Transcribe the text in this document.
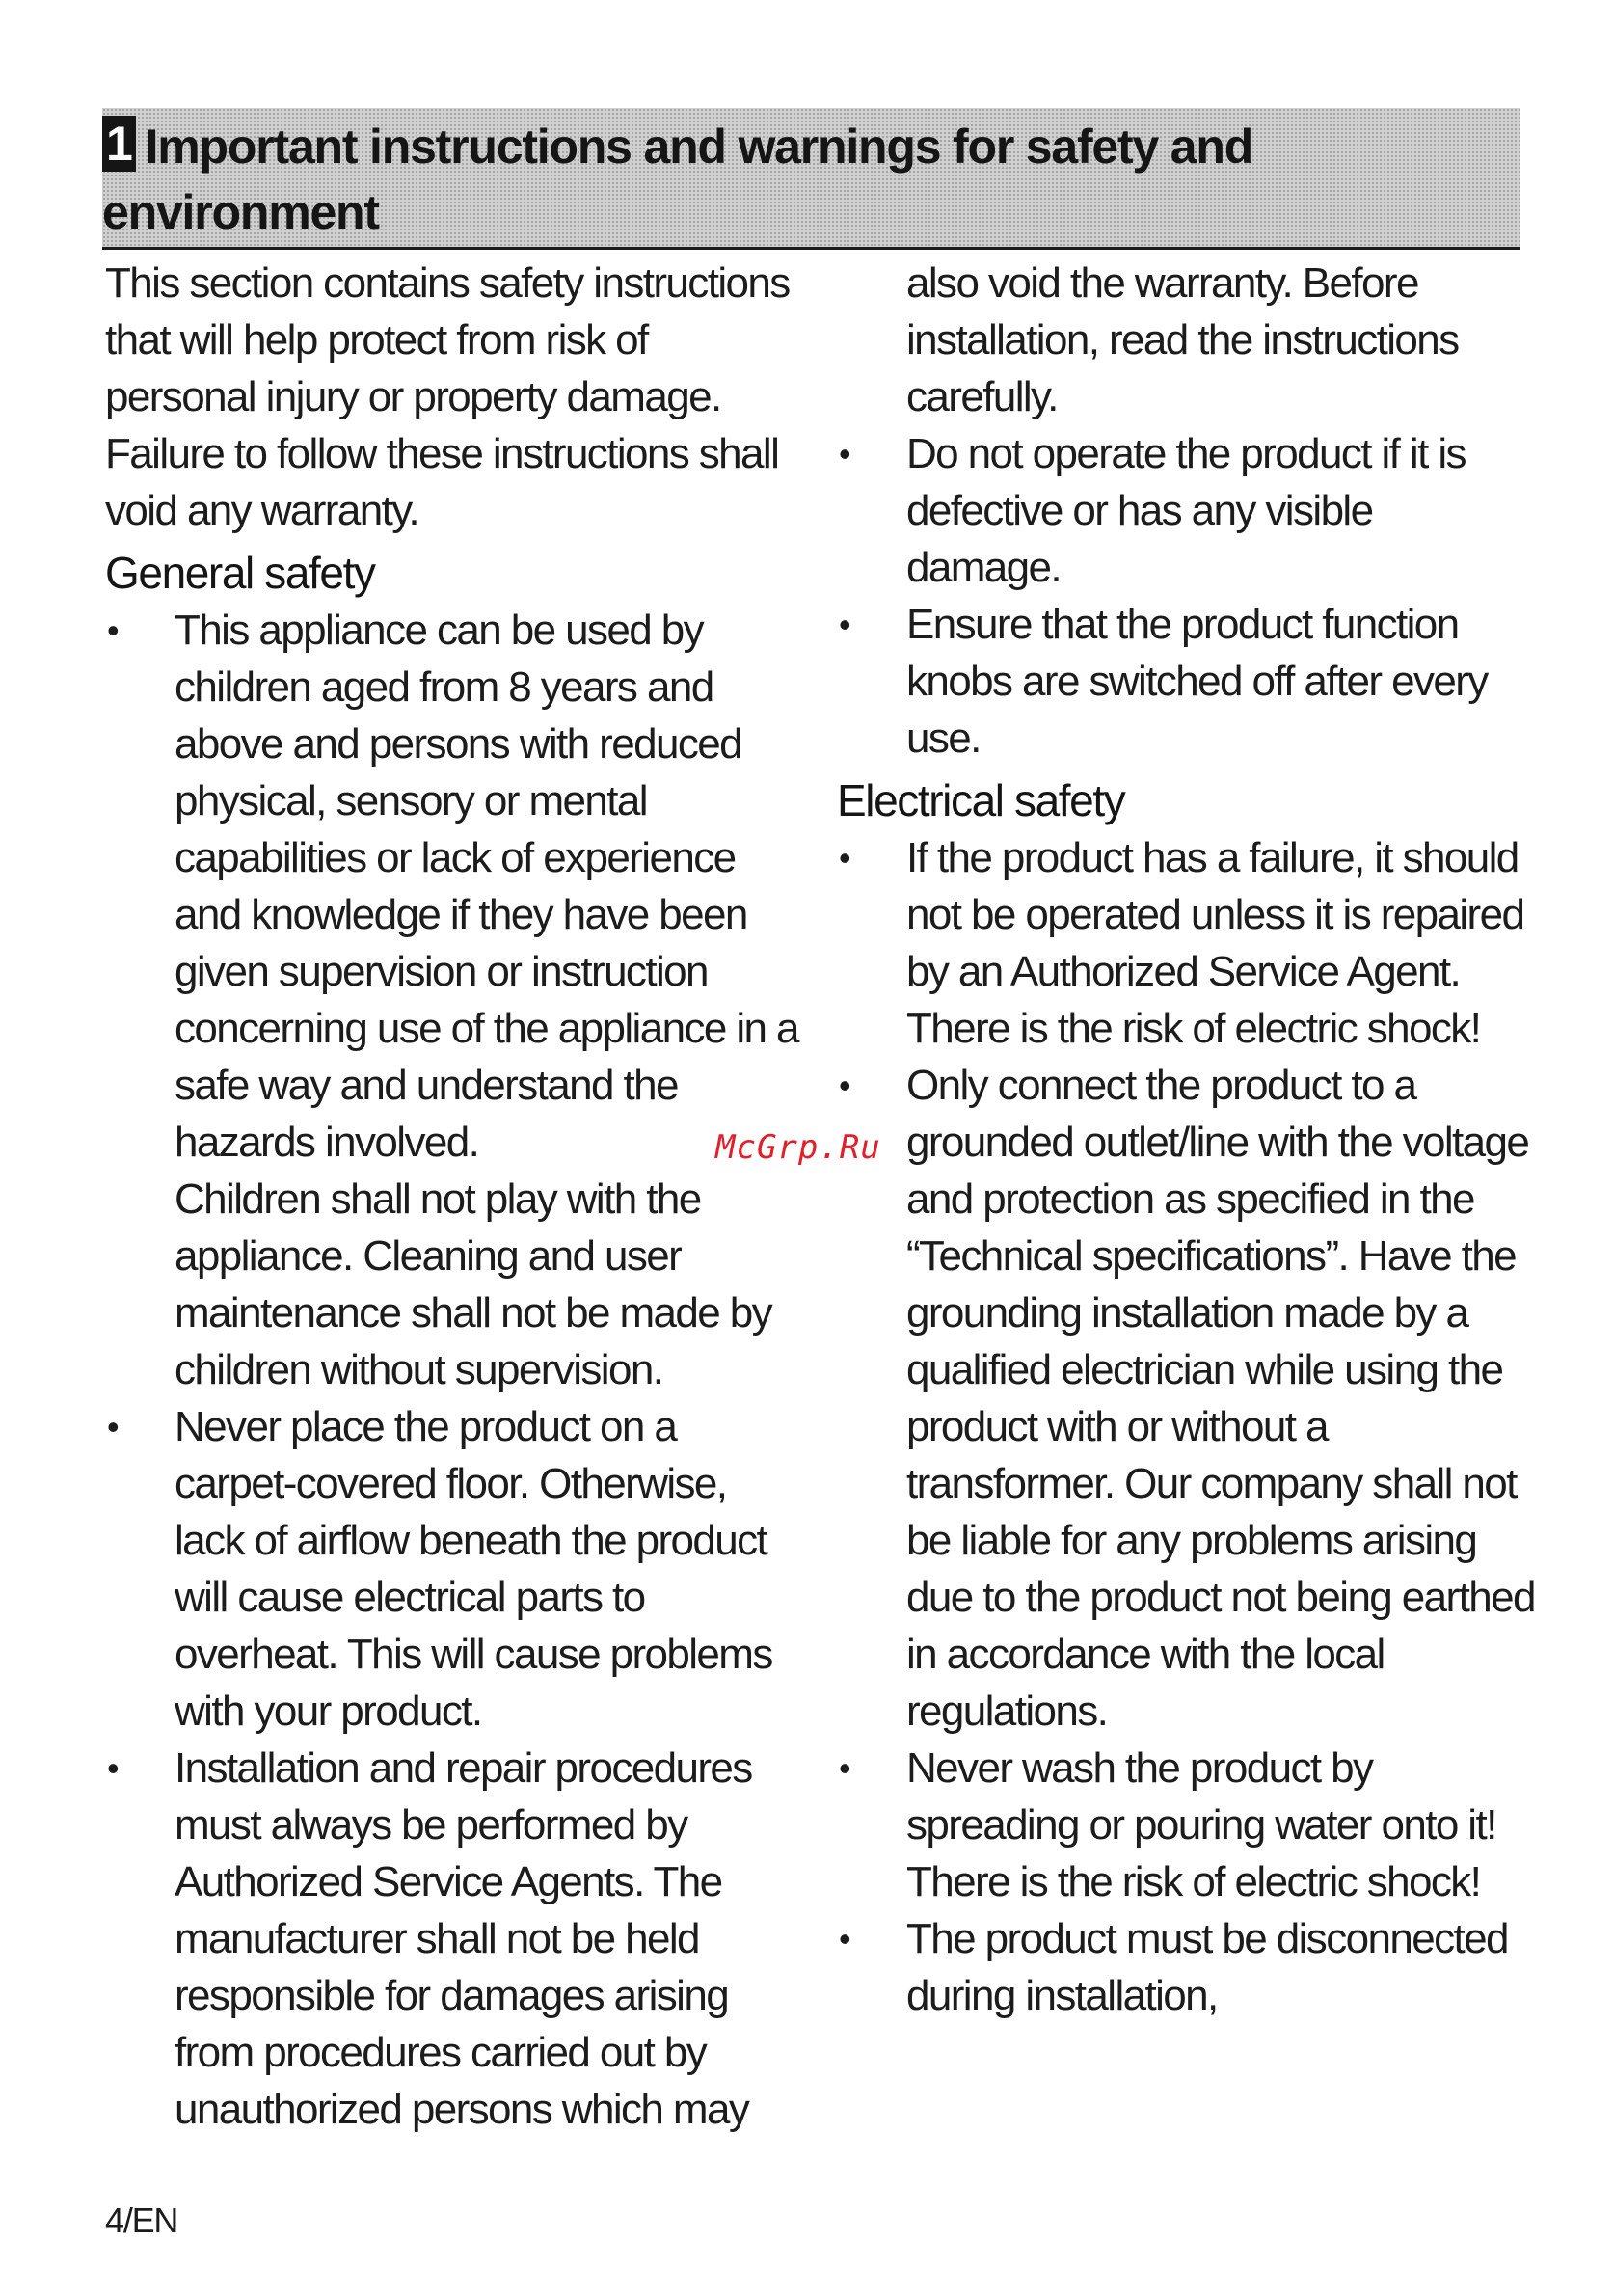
1 Important instructions and warnings for safety and environment

This section contains safety instructions that will help protect from risk of personal injury or property damage. Failure to follow these instructions shall void any warranty.

General safety

• This appliance can be used by children aged from 8 years and above and persons with reduced physical, sensory or mental capabilities or lack of experience and knowledge if they have been given supervision or instruction concerning use of the appliance in a safe way and understand the hazards involved.

Children shall not play with the appliance. Cleaning and user maintenance shall not be made by children without supervision.

• Never place the product on a carpet-covered floor. Otherwise, lack of airflow beneath the product will cause electrical parts to overheat. This will cause problems with your product.
• Installation and repair procedures must always be performed by Authorized Service Agents. The manufacturer shall not be held responsible for damages arising from procedures carried out by unauthorized persons which may

also void the warranty. Before installation, read the instructions carefully.

• Do not operate the product if it is defective or has any visible damage.
• Ensure that the product function knobs are switched off after every use.

Electrical safety

• If the product has a failure, it should not be operated unless it is repaired by an Authorized Service Agent. There is the risk of electric shock!
• Only connect the product to a grounded outlet/line with the voltage and protection as specified in the “Technical specifications”. Have the grounding installation made by a qualified electrician while using the product with or without a transformer. Our company shall not be liable for any problems arising due to the product not being earthed in accordance with the local regulations.
• Never wash the product by spreading or pouring water onto it! There is the risk of electric shock!
• The product must be disconnected during installation,
McGrp.Ru
4/EN
